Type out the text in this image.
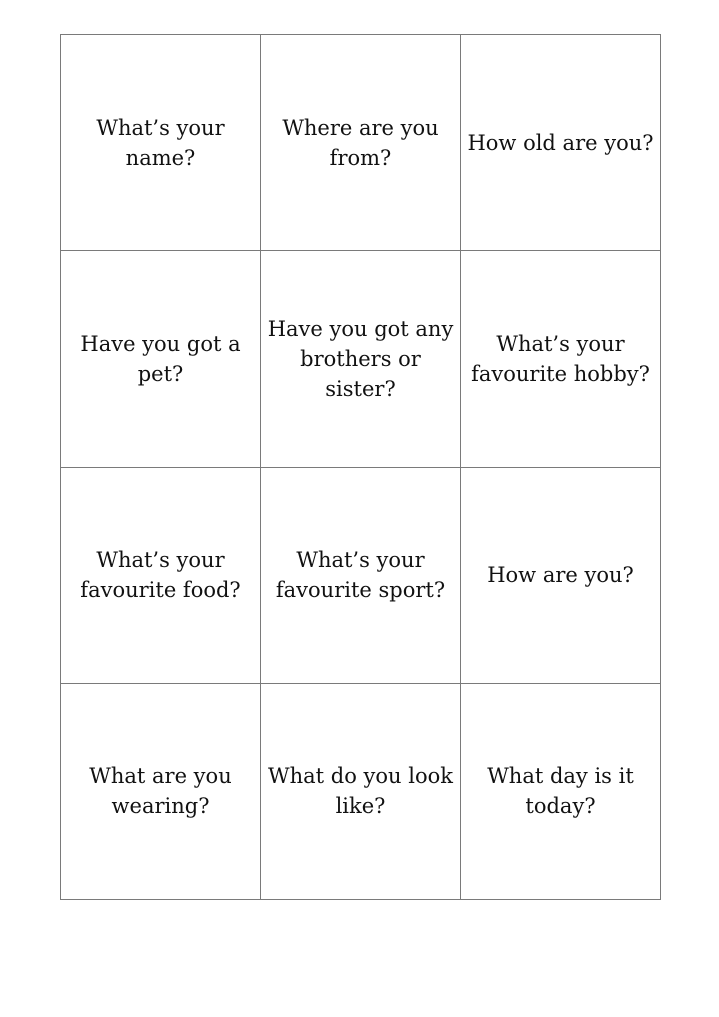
What’s your name?	Where are you from?	How old are you?
Have you got a pet?	Have you got any brothers or sister?	What’s your favourite hobby?
What’s your favourite food?	What’s your favourite sport?	How are you?
What are you wearing?	What do you look like?	What day is it today?
